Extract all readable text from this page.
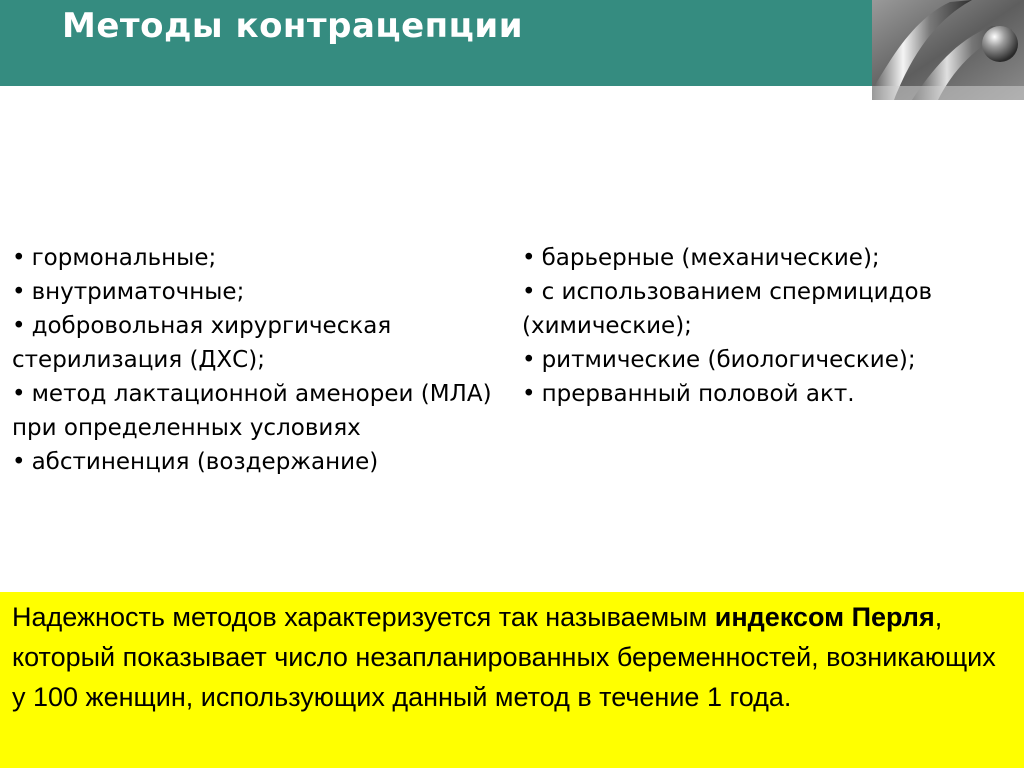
Методы контрацепции
• гормональные;
• внутриматочные;
• добровольная хирургическая стерилизация (ДХС);
• метод лактационной аменореи (МЛА) при определенных условиях
• абстиненция (воздержание)
• барьерные (механические);
• с использованием спермицидов (химические);
• ритмические (биологические);
• прерванный половой акт.

Надежность методов характеризуется так называемым индексом Перля, который показывает число незапланированных беременностей, возникающих у 100 женщин, использующих данный метод в течение 1 года.
